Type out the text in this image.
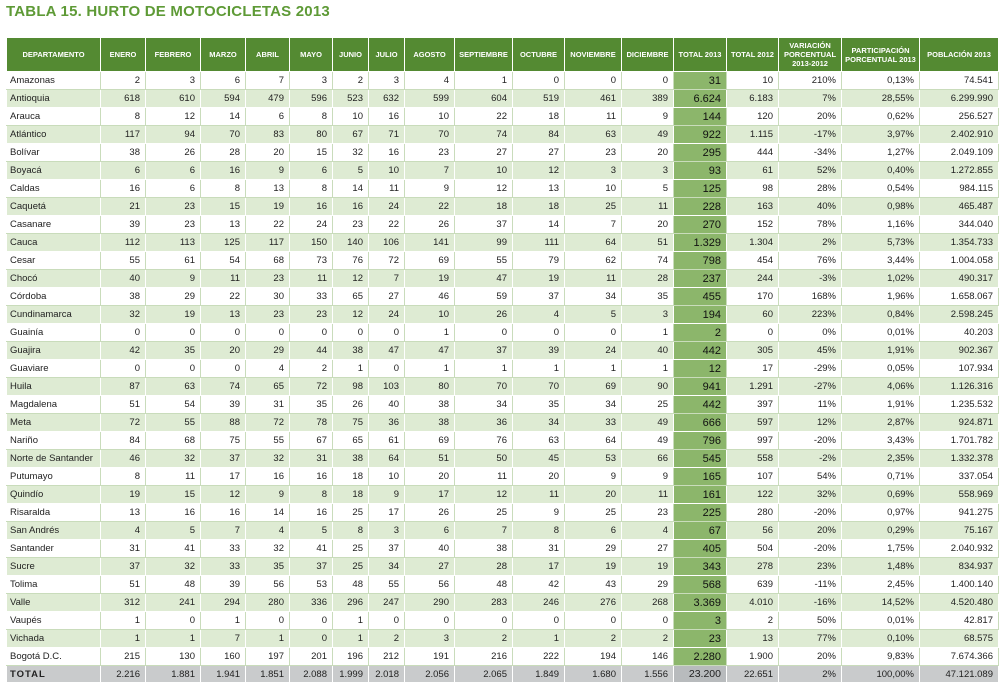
TABLA 15. HURTO DE MOTOCICLETAS 2013
DEPARTAMENTO	ENERO	FEBRERO	MARZO	ABRIL	MAYO	JUNIO	JULIO	AGOSTO	SEPTIEMBRE	OCTUBRE	NOVIEMBRE	DICIEMBRE	TOTAL 2013	TOTAL 2012	VARIACIÓN PORCENTUAL 2013-2012	PARTICIPACIÓN PORCENTUAL 2013	POBLACIÓN 2013
Amazonas	2	3	6	7	3	2	3	4	1	0	0	0	31	10	210%	0,13%	74.541
Antioquia	618	610	594	479	596	523	632	599	604	519	461	389	6.624	6.183	7%	28,55%	6.299.990
Arauca	8	12	14	6	8	10	16	10	22	18	11	9	144	120	20%	0,62%	256.527
Atlántico	117	94	70	83	80	67	71	70	74	84	63	49	922	1.115	-17%	3,97%	2.402.910
Bolívar	38	26	28	20	15	32	16	23	27	27	23	20	295	444	-34%	1,27%	2.049.109
Boyacá	6	6	16	9	6	5	10	7	10	12	3	3	93	61	52%	0,40%	1.272.855
Caldas	16	6	8	13	8	14	11	9	12	13	10	5	125	98	28%	0,54%	984.115
Caquetá	21	23	15	19	16	16	24	22	18	18	25	11	228	163	40%	0,98%	465.487
Casanare	39	23	13	22	24	23	22	26	37	14	7	20	270	152	78%	1,16%	344.040
Cauca	112	113	125	117	150	140	106	141	99	111	64	51	1.329	1.304	2%	5,73%	1.354.733
Cesar	55	61	54	68	73	76	72	69	55	79	62	74	798	454	76%	3,44%	1.004.058
Chocó	40	9	11	23	11	12	7	19	47	19	11	28	237	244	-3%	1,02%	490.317
Córdoba	38	29	22	30	33	65	27	46	59	37	34	35	455	170	168%	1,96%	1.658.067
Cundinamarca	32	19	13	23	23	12	24	10	26	4	5	3	194	60	223%	0,84%	2.598.245
Guainía	0	0	0	0	0	0	0	1	0	0	0	1	2	0	0%	0,01%	40.203
Guajira	42	35	20	29	44	38	47	47	37	39	24	40	442	305	45%	1,91%	902.367
Guaviare	0	0	0	4	2	1	0	1	1	1	1	1	12	17	-29%	0,05%	107.934
Huila	87	63	74	65	72	98	103	80	70	70	69	90	941	1.291	-27%	4,06%	1.126.316
Magdalena	51	54	39	31	35	26	40	38	34	35	34	25	442	397	11%	1,91%	1.235.532
Meta	72	55	88	72	78	75	36	38	36	34	33	49	666	597	12%	2,87%	924.871
Nariño	84	68	75	55	67	65	61	69	76	63	64	49	796	997	-20%	3,43%	1.701.782
Norte de Santander	46	32	37	32	31	38	64	51	50	45	53	66	545	558	-2%	2,35%	1.332.378
Putumayo	8	11	17	16	16	18	10	20	11	20	9	9	165	107	54%	0,71%	337.054
Quindío	19	15	12	9	8	18	9	17	12	11	20	11	161	122	32%	0,69%	558.969
Risaralda	13	16	16	14	16	25	17	26	25	9	25	23	225	280	-20%	0,97%	941.275
San Andrés	4	5	7	4	5	8	3	6	7	8	6	4	67	56	20%	0,29%	75.167
Santander	31	41	33	32	41	25	37	40	38	31	29	27	405	504	-20%	1,75%	2.040.932
Sucre	37	32	33	35	37	25	34	27	28	17	19	19	343	278	23%	1,48%	834.937
Tolima	51	48	39	56	53	48	55	56	48	42	43	29	568	639	-11%	2,45%	1.400.140
Valle	312	241	294	280	336	296	247	290	283	246	276	268	3.369	4.010	-16%	14,52%	4.520.480
Vaupés	1	0	1	0	0	1	0	0	0	0	0	0	3	2	50%	0,01%	42.817
Vichada	1	1	7	1	0	1	2	3	2	1	2	2	23	13	77%	0,10%	68.575
Bogotá D.C.	215	130	160	197	201	196	212	191	216	222	194	146	2.280	1.900	20%	9,83%	7.674.366
TOTAL	2.216	1.881	1.941	1.851	2.088	1.999	2.018	2.056	2.065	1.849	1.680	1.556	23.200	22.651	2%	100,00%	47.121.089
